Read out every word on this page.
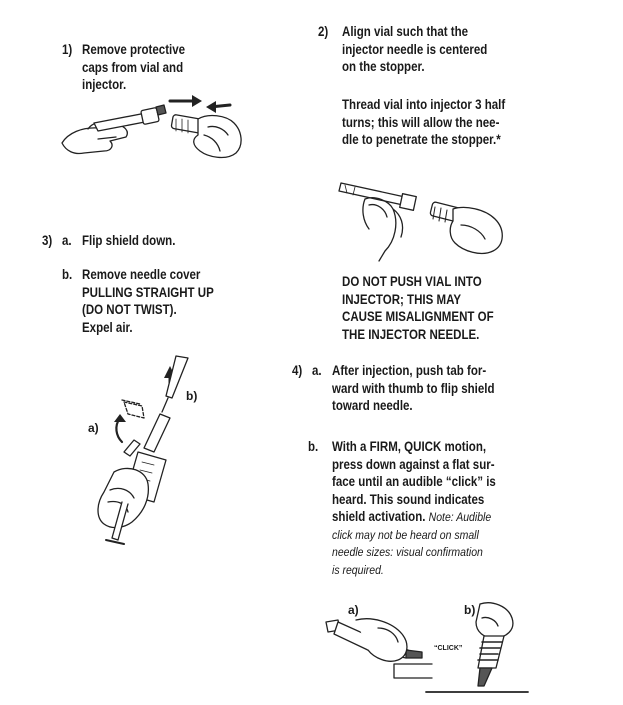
1) Remove protective
caps from vial and
injector.
2) Align vial such that the
injector needle is centered
on the stopper.
Thread vial into injector 3 half
turns; this will allow the nee-
dle to penetrate the stopper.*
DO NOT PUSH VIAL INTO
INJECTOR; THIS MAY
CAUSE MISALIGNMENT OF
THE INJECTOR NEEDLE.
3) a. Flip shield down.
b. Remove needle cover
PULLING STRAIGHT UP
(DO NOT TWIST).
Expel air.
b)
a)
4) a. After injection, push tab for-
ward with thumb to flip shield
toward needle.
b. With a FIRM, QUICK motion,
press down against a flat sur-
face until an audible “click” is
heard. This sound indicates
shield activation. Note: Audible
click may not be heard on small
needle sizes: visual confirmation
is required.
a)	b)
“CLICK”
